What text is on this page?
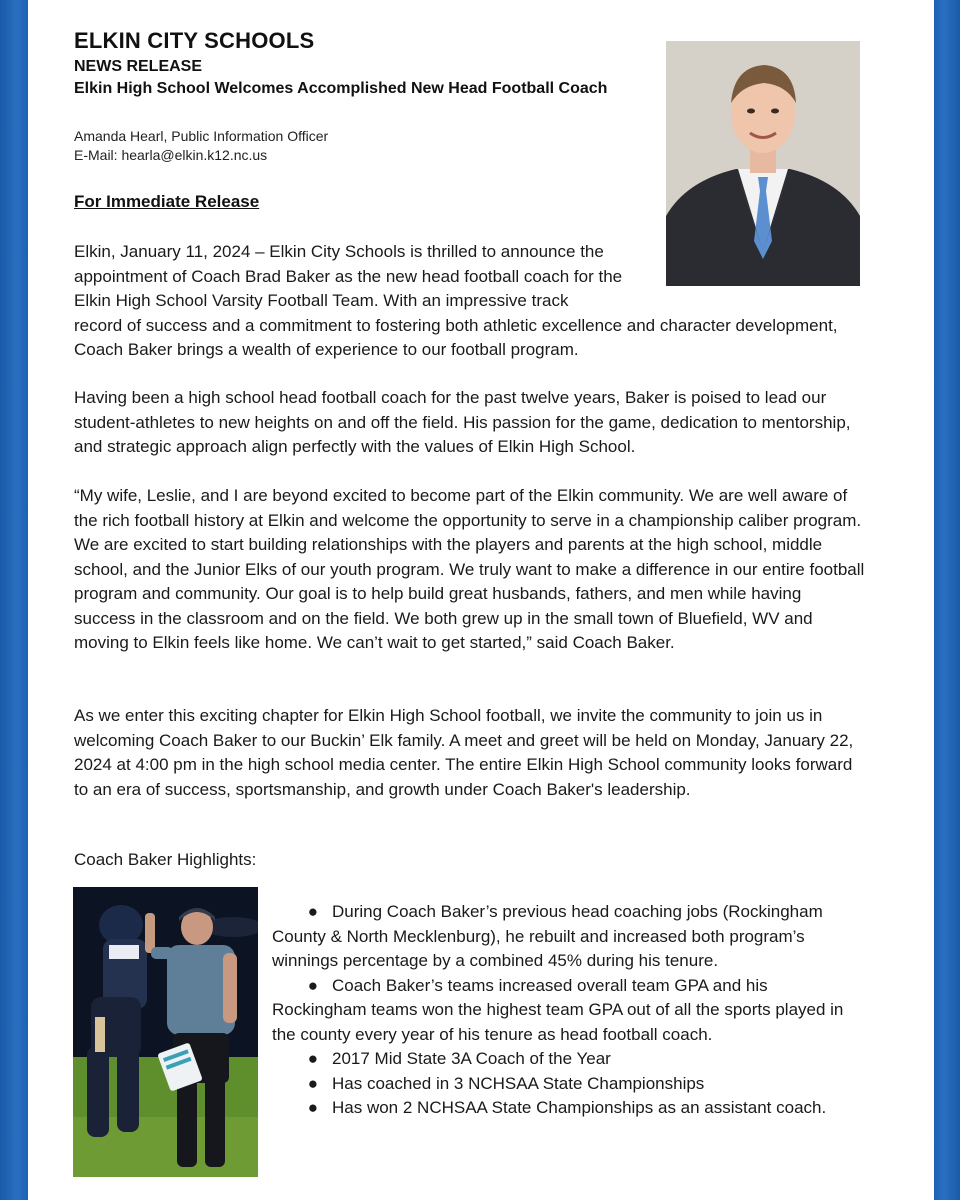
ELKIN CITY SCHOOLS
NEWS RELEASE
Elkin High School Welcomes Accomplished New Head Football Coach
Amanda Hearl, Public Information Officer
E-Mail: hearla@elkin.k12.nc.us
For Immediate Release
Elkin, January 11, 2024 – Elkin City Schools is thrilled to announce the appointment of Coach Brad Baker as the new head football coach for the Elkin High School Varsity Football Team. With an impressive track
record of success and a commitment to fostering both athletic excellence and character development, Coach Baker brings a wealth of experience to our football program.
Having been a high school head football coach for the past twelve years, Baker is poised to lead our student-athletes to new heights on and off the field. His passion for the game, dedication to mentorship, and strategic approach align perfectly with the values of Elkin High School.
“My wife, Leslie, and I are beyond excited to become part of the Elkin community. We are well aware of the rich football history at Elkin and welcome the opportunity to serve in a championship caliber program. We are excited to start building relationships with the players and parents at the high school, middle school, and the Junior Elks of our youth program. We truly want to make a difference in our entire football program and community. Our goal is to help build great husbands, fathers, and men while having success in the classroom and on the field. We both grew up in the small town of Bluefield, WV and moving to Elkin feels like home. We can’t wait to get started,” said Coach Baker.
As we enter this exciting chapter for Elkin High School football, we invite the community to join us in welcoming Coach Baker to our Buckin’ Elk family. A meet and greet will be held on Monday, January 22, 2024 at 4:00 pm in the high school media center. The entire Elkin High School community looks forward to an era of success, sportsmanship, and growth under Coach Baker's leadership.
Coach Baker Highlights:
● During Coach Baker’s previous head coaching jobs (Rockingham County & North Mecklenburg), he rebuilt and increased both program’s winnings percentage by a combined 45% during his tenure.
● Coach Baker’s teams increased overall team GPA and his Rockingham teams won the highest team GPA out of all the sports played in the county every year of his tenure as head football coach.
● 2017 Mid State 3A Coach of the Year
● Has coached in 3 NCHSAA State Championships
● Has won 2 NCHSAA State Championships as an assistant coach.
